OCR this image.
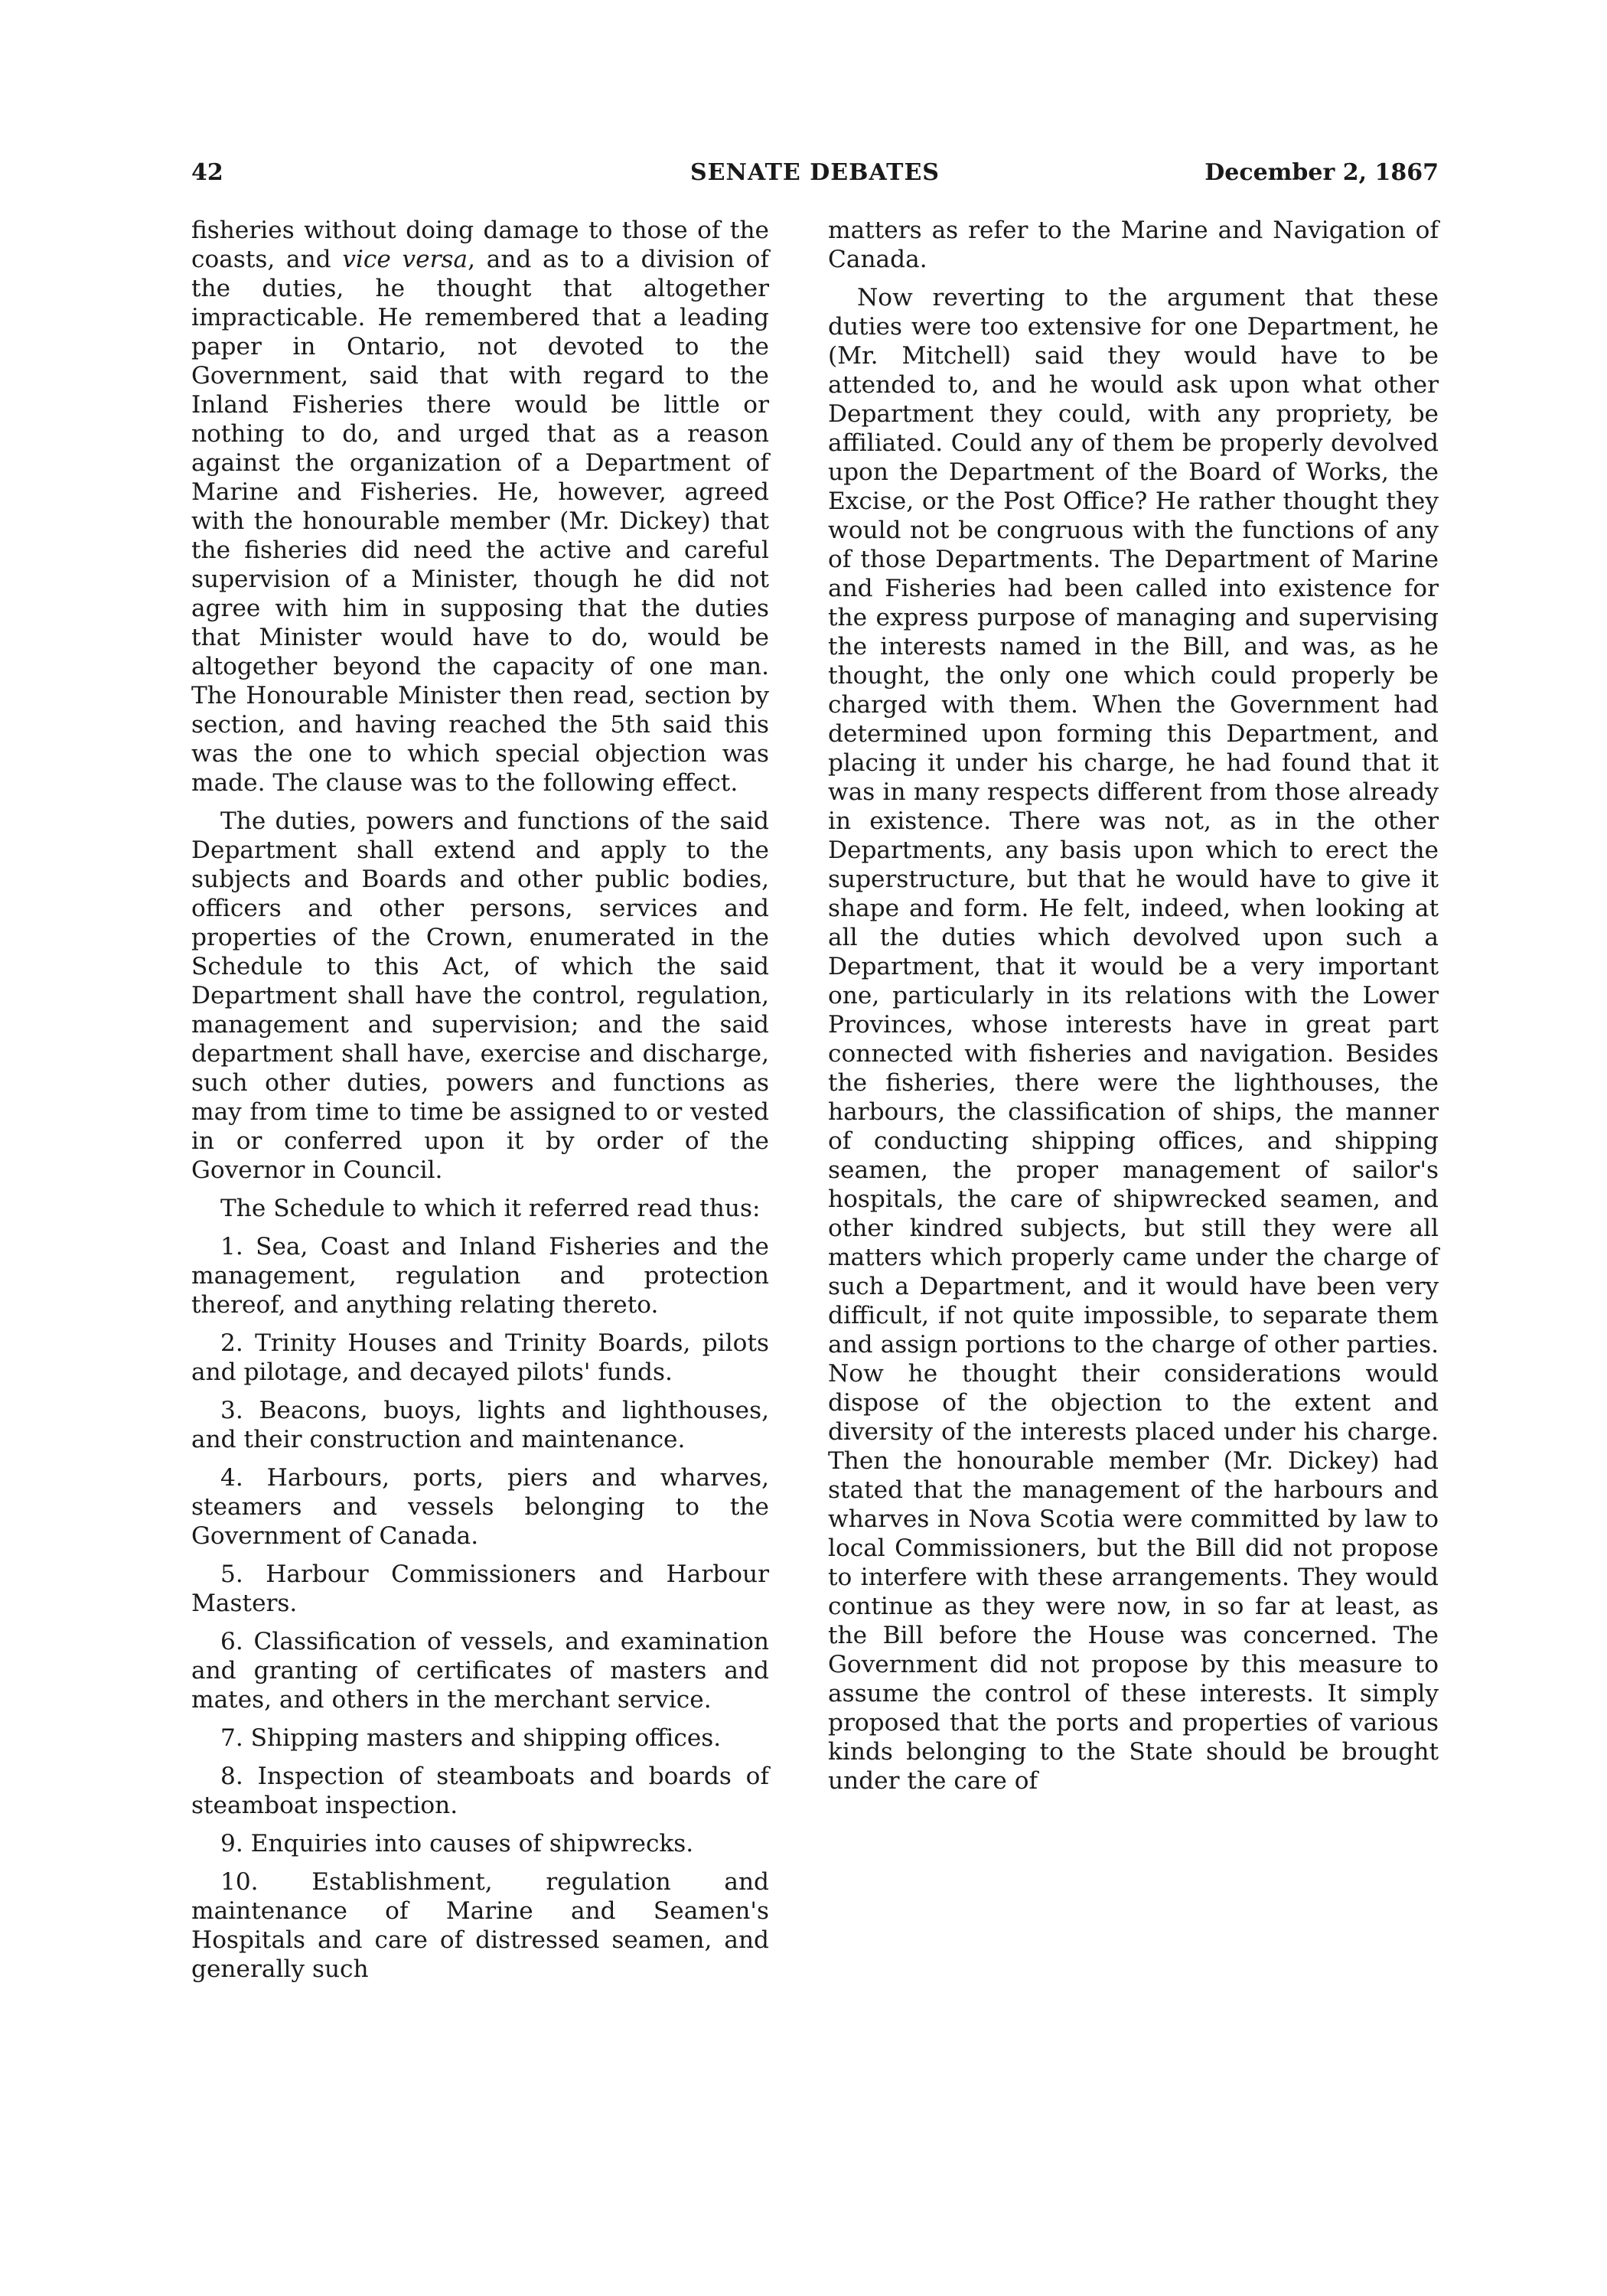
42	SENATE DEBATES	December 2, 1867

fisheries without doing damage to those of the coasts, and vice versa, and as to a division of the duties, he thought that altogether impracticable. He remembered that a leading paper in Ontario, not devoted to the Government, said that with regard to the Inland Fisheries there would be little or nothing to do, and urged that as a reason against the organization of a Department of Marine and Fisheries. He, however, agreed with the honourable member (Mr. Dickey) that the fisheries did need the active and careful supervision of a Minister, though he did not agree with him in supposing that the duties that Minister would have to do, would be altogether beyond the capacity of one man. The Honourable Minister then read, section by section, and having reached the 5th said this was the one to which special objection was made. The clause was to the following effect.

The duties, powers and functions of the said Department shall extend and apply to the subjects and Boards and other public bodies, officers and other persons, services and properties of the Crown, enumerated in the Schedule to this Act, of which the said Department shall have the control, regulation, management and supervision; and the said department shall have, exercise and discharge, such other duties, powers and functions as may from time to time be assigned to or vested in or conferred upon it by order of the Governor in Council.

The Schedule to which it referred read thus:

1. Sea, Coast and Inland Fisheries and the management, regulation and protection thereof, and anything relating thereto.

2. Trinity Houses and Trinity Boards, pilots and pilotage, and decayed pilots' funds.

3. Beacons, buoys, lights and lighthouses, and their construction and maintenance.

4. Harbours, ports, piers and wharves, steamers and vessels belonging to the Government of Canada.

5. Harbour Commissioners and Harbour Masters.

6. Classification of vessels, and examination and granting of certificates of masters and mates, and others in the merchant service.

7. Shipping masters and shipping offices.

8. Inspection of steamboats and boards of steamboat inspection.

9. Enquiries into causes of shipwrecks.

10. Establishment, regulation and maintenance of Marine and Seamen's Hospitals and care of distressed seamen, and generally such

matters as refer to the Marine and Navigation of Canada.

Now reverting to the argument that these duties were too extensive for one Department, he (Mr. Mitchell) said they would have to be attended to, and he would ask upon what other Department they could, with any propriety, be affiliated. Could any of them be properly devolved upon the Department of the Board of Works, the Excise, or the Post Office? He rather thought they would not be congruous with the functions of any of those Departments. The Department of Marine and Fisheries had been called into existence for the express purpose of managing and supervising the interests named in the Bill, and was, as he thought, the only one which could properly be charged with them. When the Government had determined upon forming this Department, and placing it under his charge, he had found that it was in many respects different from those already in existence. There was not, as in the other Departments, any basis upon which to erect the superstructure, but that he would have to give it shape and form. He felt, indeed, when looking at all the duties which devolved upon such a Department, that it would be a very important one, particularly in its relations with the Lower Provinces, whose interests have in great part connected with fisheries and navigation. Besides the fisheries, there were the lighthouses, the harbours, the classification of ships, the manner of conducting shipping offices, and shipping seamen, the proper management of sailor's hospitals, the care of shipwrecked seamen, and other kindred subjects, but still they were all matters which properly came under the charge of such a Department, and it would have been very difficult, if not quite impossible, to separate them and assign portions to the charge of other parties. Now he thought their considerations would dispose of the objection to the extent and diversity of the interests placed under his charge. Then the honourable member (Mr. Dickey) had stated that the management of the harbours and wharves in Nova Scotia were committed by law to local Commissioners, but the Bill did not propose to interfere with these arrangements. They would continue as they were now, in so far at least, as the Bill before the House was concerned. The Government did not propose by this measure to assume the control of these interests. It simply proposed that the ports and properties of various kinds belonging to the State should be brought under the care of
